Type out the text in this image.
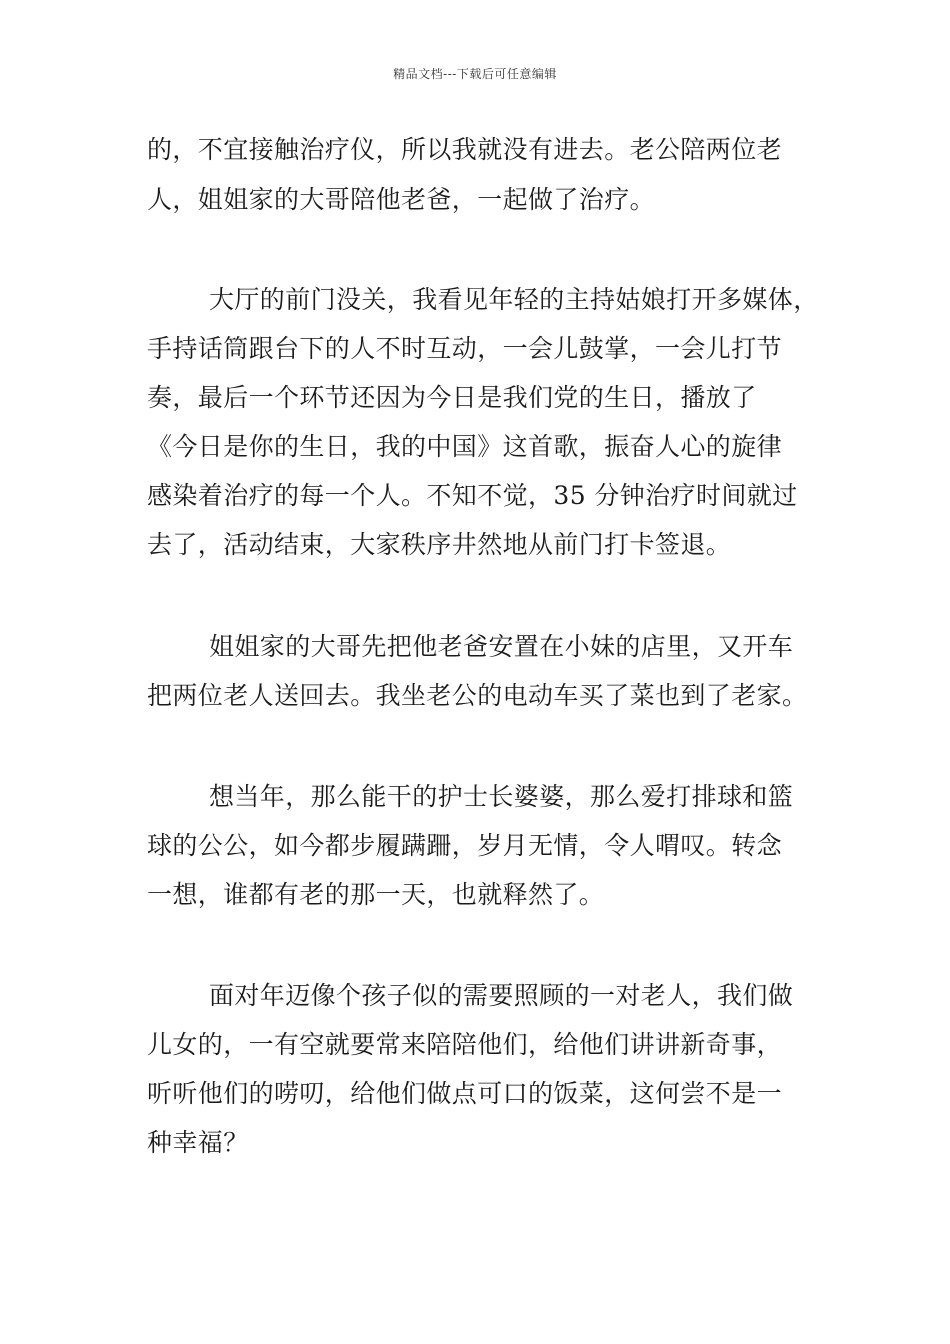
精品文档---下载后可任意编辑
的，不宜接触治疗仪，所以我就没有进去。老公陪两位老
人，姐姐家的大哥陪他老爸，一起做了治疗。
大厅的前门没关，我看见年轻的主持姑娘打开多媒体，
手持话筒跟台下的人不时互动，一会儿鼓掌，一会儿打节
奏，最后一个环节还因为今日是我们党的生日，播放了
《今日是你的生日，我的中国》这首歌，振奋人心的旋律
感染着治疗的每一个人。不知不觉，35 分钟治疗时间就过
去了，活动结束，大家秩序井然地从前门打卡签退。
姐姐家的大哥先把他老爸安置在小妹的店里，又开车
把两位老人送回去。我坐老公的电动车买了菜也到了老家。
想当年，那么能干的护士长婆婆，那么爱打排球和篮
球的公公，如今都步履蹒跚，岁月无情，令人喟叹。转念
一想，谁都有老的那一天，也就释然了。
面对年迈像个孩子似的需要照顾的一对老人，我们做
儿女的，一有空就要常来陪陪他们，给他们讲讲新奇事，
听听他们的唠叨，给他们做点可口的饭菜，这何尝不是一
种幸福？
